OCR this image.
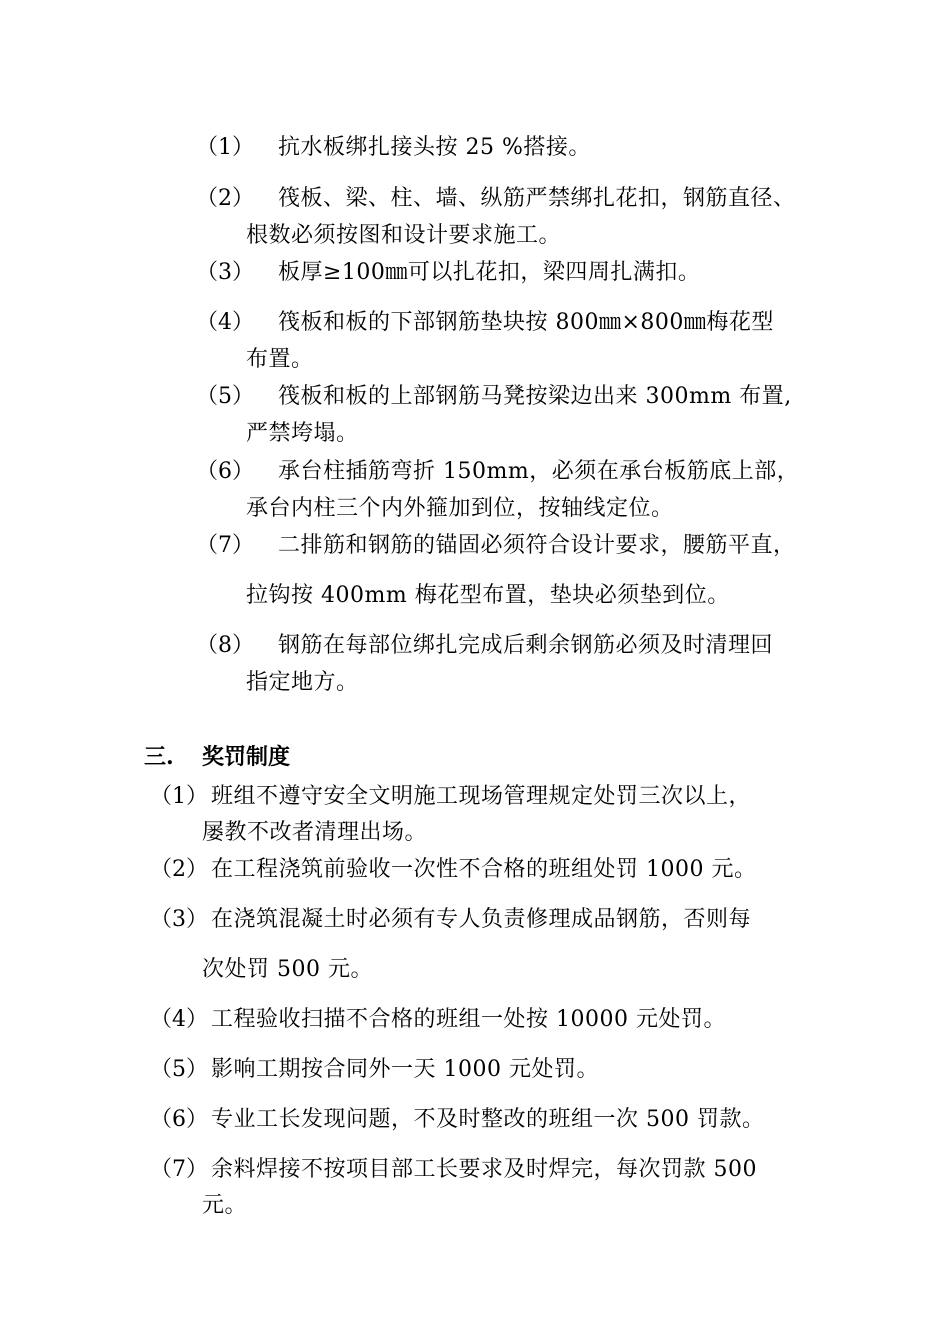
（1） 抗水板绑扎接头按 25 %搭接。
（2） 筏板、梁、柱、墙、纵筋严禁绑扎花扣，钢筋直径、
根数必须按图和设计要求施工。
（3） 板厚≥100㎜可以扎花扣，梁四周扎满扣。
（4） 筏板和板的下部钢筋垫块按 800㎜×800㎜梅花型
布置。
（5） 筏板和板的上部钢筋马凳按梁边出来 300mm 布置,
严禁垮塌。
（6） 承台柱插筋弯折 150mm，必须在承台板筋底上部，
承台内柱三个内外箍加到位，按轴线定位。
（7） 二排筋和钢筋的锚固必须符合设计要求，腰筋平直，
拉钩按 400mm 梅花型布置，垫块必须垫到位。
（8） 钢筋在每部位绑扎完成后剩余钢筋必须及时清理回
指定地方。
三. 奖罚制度
（1） 班组不遵守安全文明施工现场管理规定处罚三次以上，
屡教不改者清理出场。
（2） 在工程浇筑前验收一次性不合格的班组处罚 1000 元。
（3） 在浇筑混凝土时必须有专人负责修理成品钢筋，否则每
次处罚 500 元。
（4） 工程验收扫描不合格的班组一处按 10000 元处罚。
（5） 影响工期按合同外一天 1000 元处罚。
（6） 专业工长发现问题，不及时整改的班组一次 500 罚款。
（7） 余料焊接不按项目部工长要求及时焊完，每次罚款 500
元。
